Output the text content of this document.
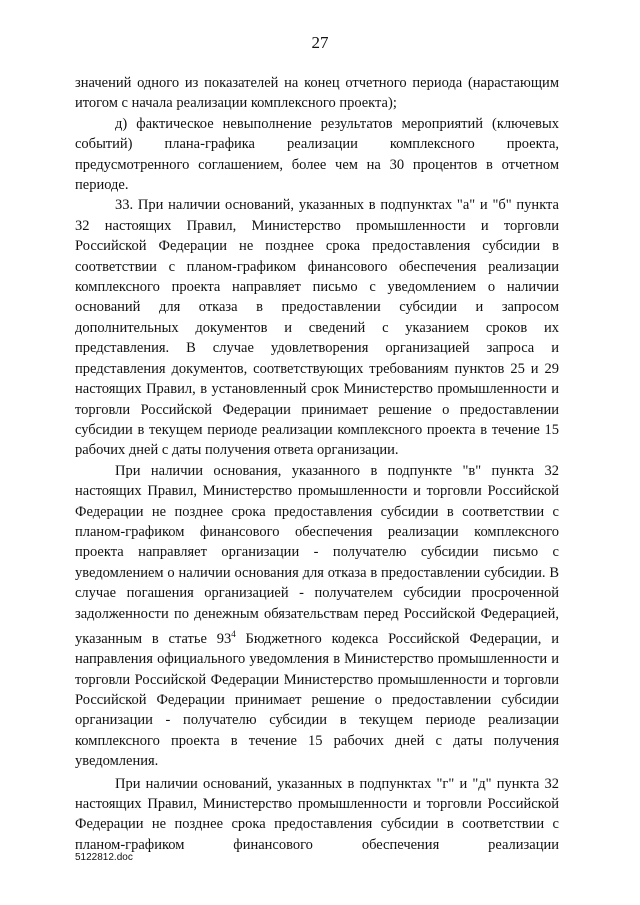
27

значений одного из показателей на конец отчетного периода (нарастающим итогом с начала реализации комплексного проекта);

д) фактическое невыполнение результатов мероприятий (ключевых событий) плана-графика реализации комплексного проекта, предусмотренного соглашением, более чем на 30 процентов в отчетном периоде.

33. При наличии оснований, указанных в подпунктах "а" и "б" пункта 32 настоящих Правил, Министерство промышленности и торговли Российской Федерации не позднее срока предоставления субсидии в соответствии с планом-графиком финансового обеспечения реализации комплексного проекта направляет письмо с уведомлением о наличии оснований для отказа в предоставлении субсидии и запросом дополнительных документов и сведений с указанием сроков их представления. В случае удовлетворения организацией запроса и представления документов, соответствующих требованиям пунктов 25 и 29 настоящих Правил, в установленный срок Министерство промышленности и торговли Российской Федерации принимает решение о предоставлении субсидии в текущем периоде реализации комплексного проекта в течение 15 рабочих дней с даты получения ответа организации.

При наличии основания, указанного в подпункте "в" пункта 32 настоящих Правил, Министерство промышленности и торговли Российской Федерации не позднее срока предоставления субсидии в соответствии с планом-графиком финансового обеспечения реализации комплексного проекта направляет организации - получателю субсидии письмо с уведомлением о наличии основания для отказа в предоставлении субсидии. В случае погашения организацией - получателем субсидии просроченной задолженности по денежным обязательствам перед Российской Федерацией, указанным в статье $93^4$ Бюджетного кодекса Российской Федерации, и направления официального уведомления в Министерство промышленности и торговли Российской Федерации Министерство промышленности и торговли Российской Федерации принимает решение о предоставлении субсидии организации - получателю субсидии в текущем периоде реализации комплексного проекта в течение 15 рабочих дней с даты получения уведомления.

При наличии оснований, указанных в подпунктах "г" и "д" пункта 32 настоящих Правил, Министерство промышленности и торговли Российской Федерации не позднее срока предоставления субсидии в соответствии с планом-графиком финансового обеспечения реализации

5122812.doc
